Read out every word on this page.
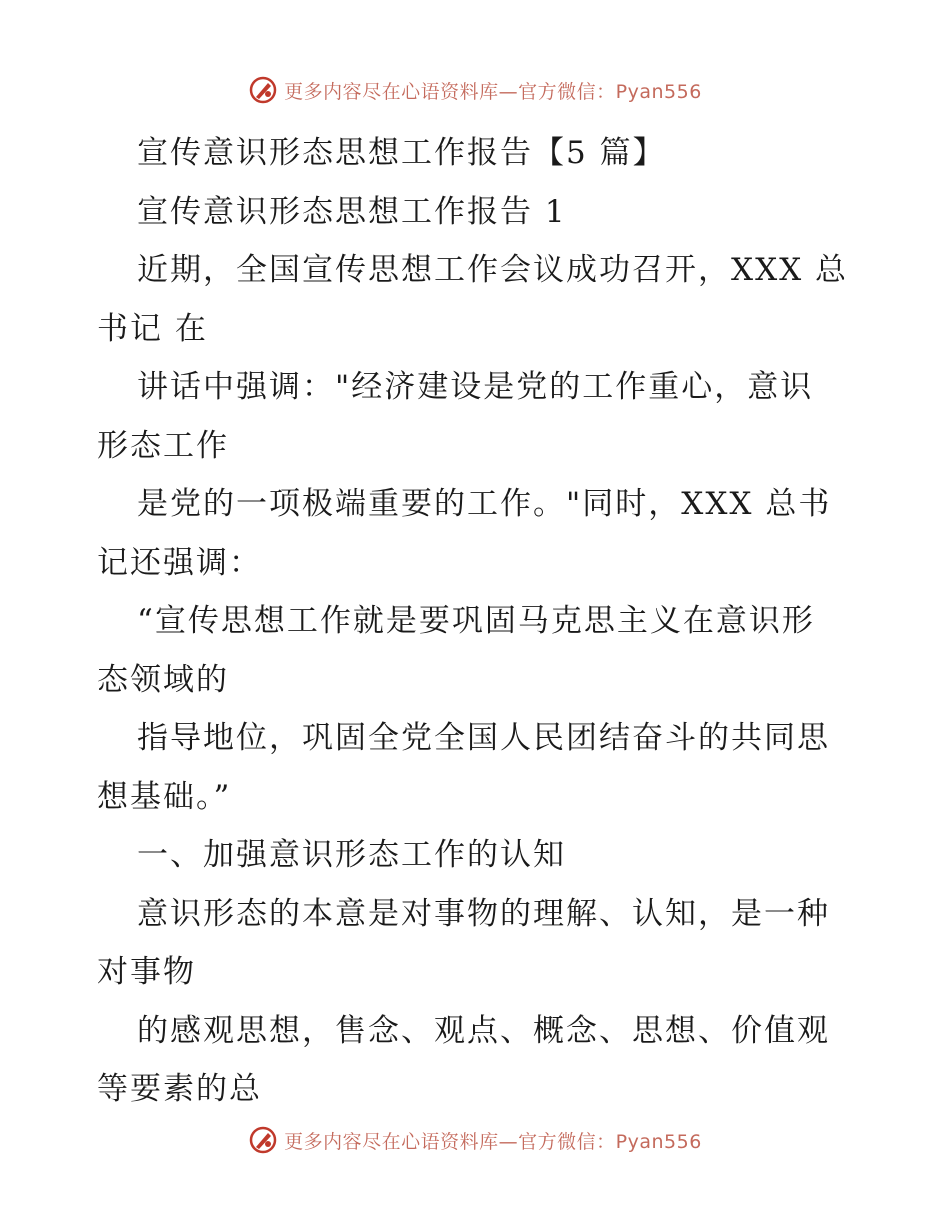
更多内容尽在心语资料库—官方微信：Pyan556
宣传意识形态思想工作报告【5 篇】
宣传意识形态思想工作报告 1
近期，全国宣传思想工作会议成功召开，XXX 总
书记 在
讲话中强调："经济建设是党的工作重心，意识
形态工作
是党的一项极端重要的工作。"同时，XXX 总书
记还强调：
“宣传思想工作就是要巩固马克思主义在意识形
态领域的
指导地位，巩固全党全国人民团结奋斗的共同思
想基础。”
一、加强意识形态工作的认知
意识形态的本意是对事物的理解、认知，是一种
对事物
的感观思想，售念、观点、概念、思想、价值观
等要素的总
更多内容尽在心语资料库—官方微信：Pyan556
